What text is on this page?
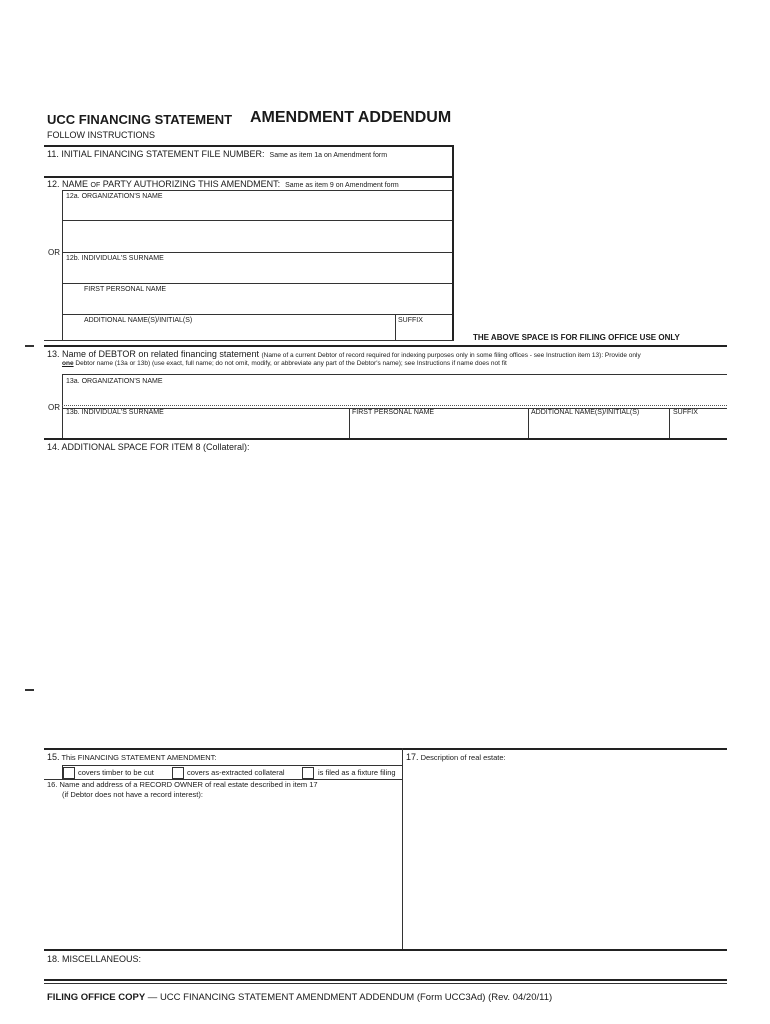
UCC FINANCING STATEMENT AMENDMENT ADDENDUM
FOLLOW INSTRUCTIONS
11. INITIAL FINANCING STATEMENT FILE NUMBER: Same as item 1a on Amendment form
12. NAME OF PARTY AUTHORIZING THIS AMENDMENT: Same as item 9 on Amendment form
12a. ORGANIZATION'S NAME
OR
12b. INDIVIDUAL'S SURNAME
FIRST PERSONAL NAME
ADDITIONAL NAME(S)/INITIAL(S)	SUFFIX
THE ABOVE SPACE IS FOR FILING OFFICE USE ONLY
13. Name of DEBTOR on related financing statement (Name of a current Debtor of record required for indexing purposes only in some filing offices - see Instruction item 13): Provide only
one Debtor name (13a or 13b) (use exact, full name; do not omit, modify, or abbreviate any part of the Debtor's name); see Instructions if name does not fit
13a. ORGANIZATION'S NAME
OR
13b. INDIVIDUAL'S SURNAME	FIRST PERSONAL NAME	ADDITIONAL NAME(S)/INITIAL(S)	SUFFIX
14. ADDITIONAL SPACE FOR ITEM 8 (Collateral):
15. This FINANCING STATEMENT AMENDMENT:
covers timber to be cut	covers as-extracted collateral	is filed as a fixture filing
16. Name and address of a RECORD OWNER of real estate described in item 17
(if Debtor does not have a record interest):
17. Description of real estate:
18. MISCELLANEOUS:
FILING OFFICE COPY — UCC FINANCING STATEMENT AMENDMENT ADDENDUM (Form UCC3Ad) (Rev. 04/20/11)
